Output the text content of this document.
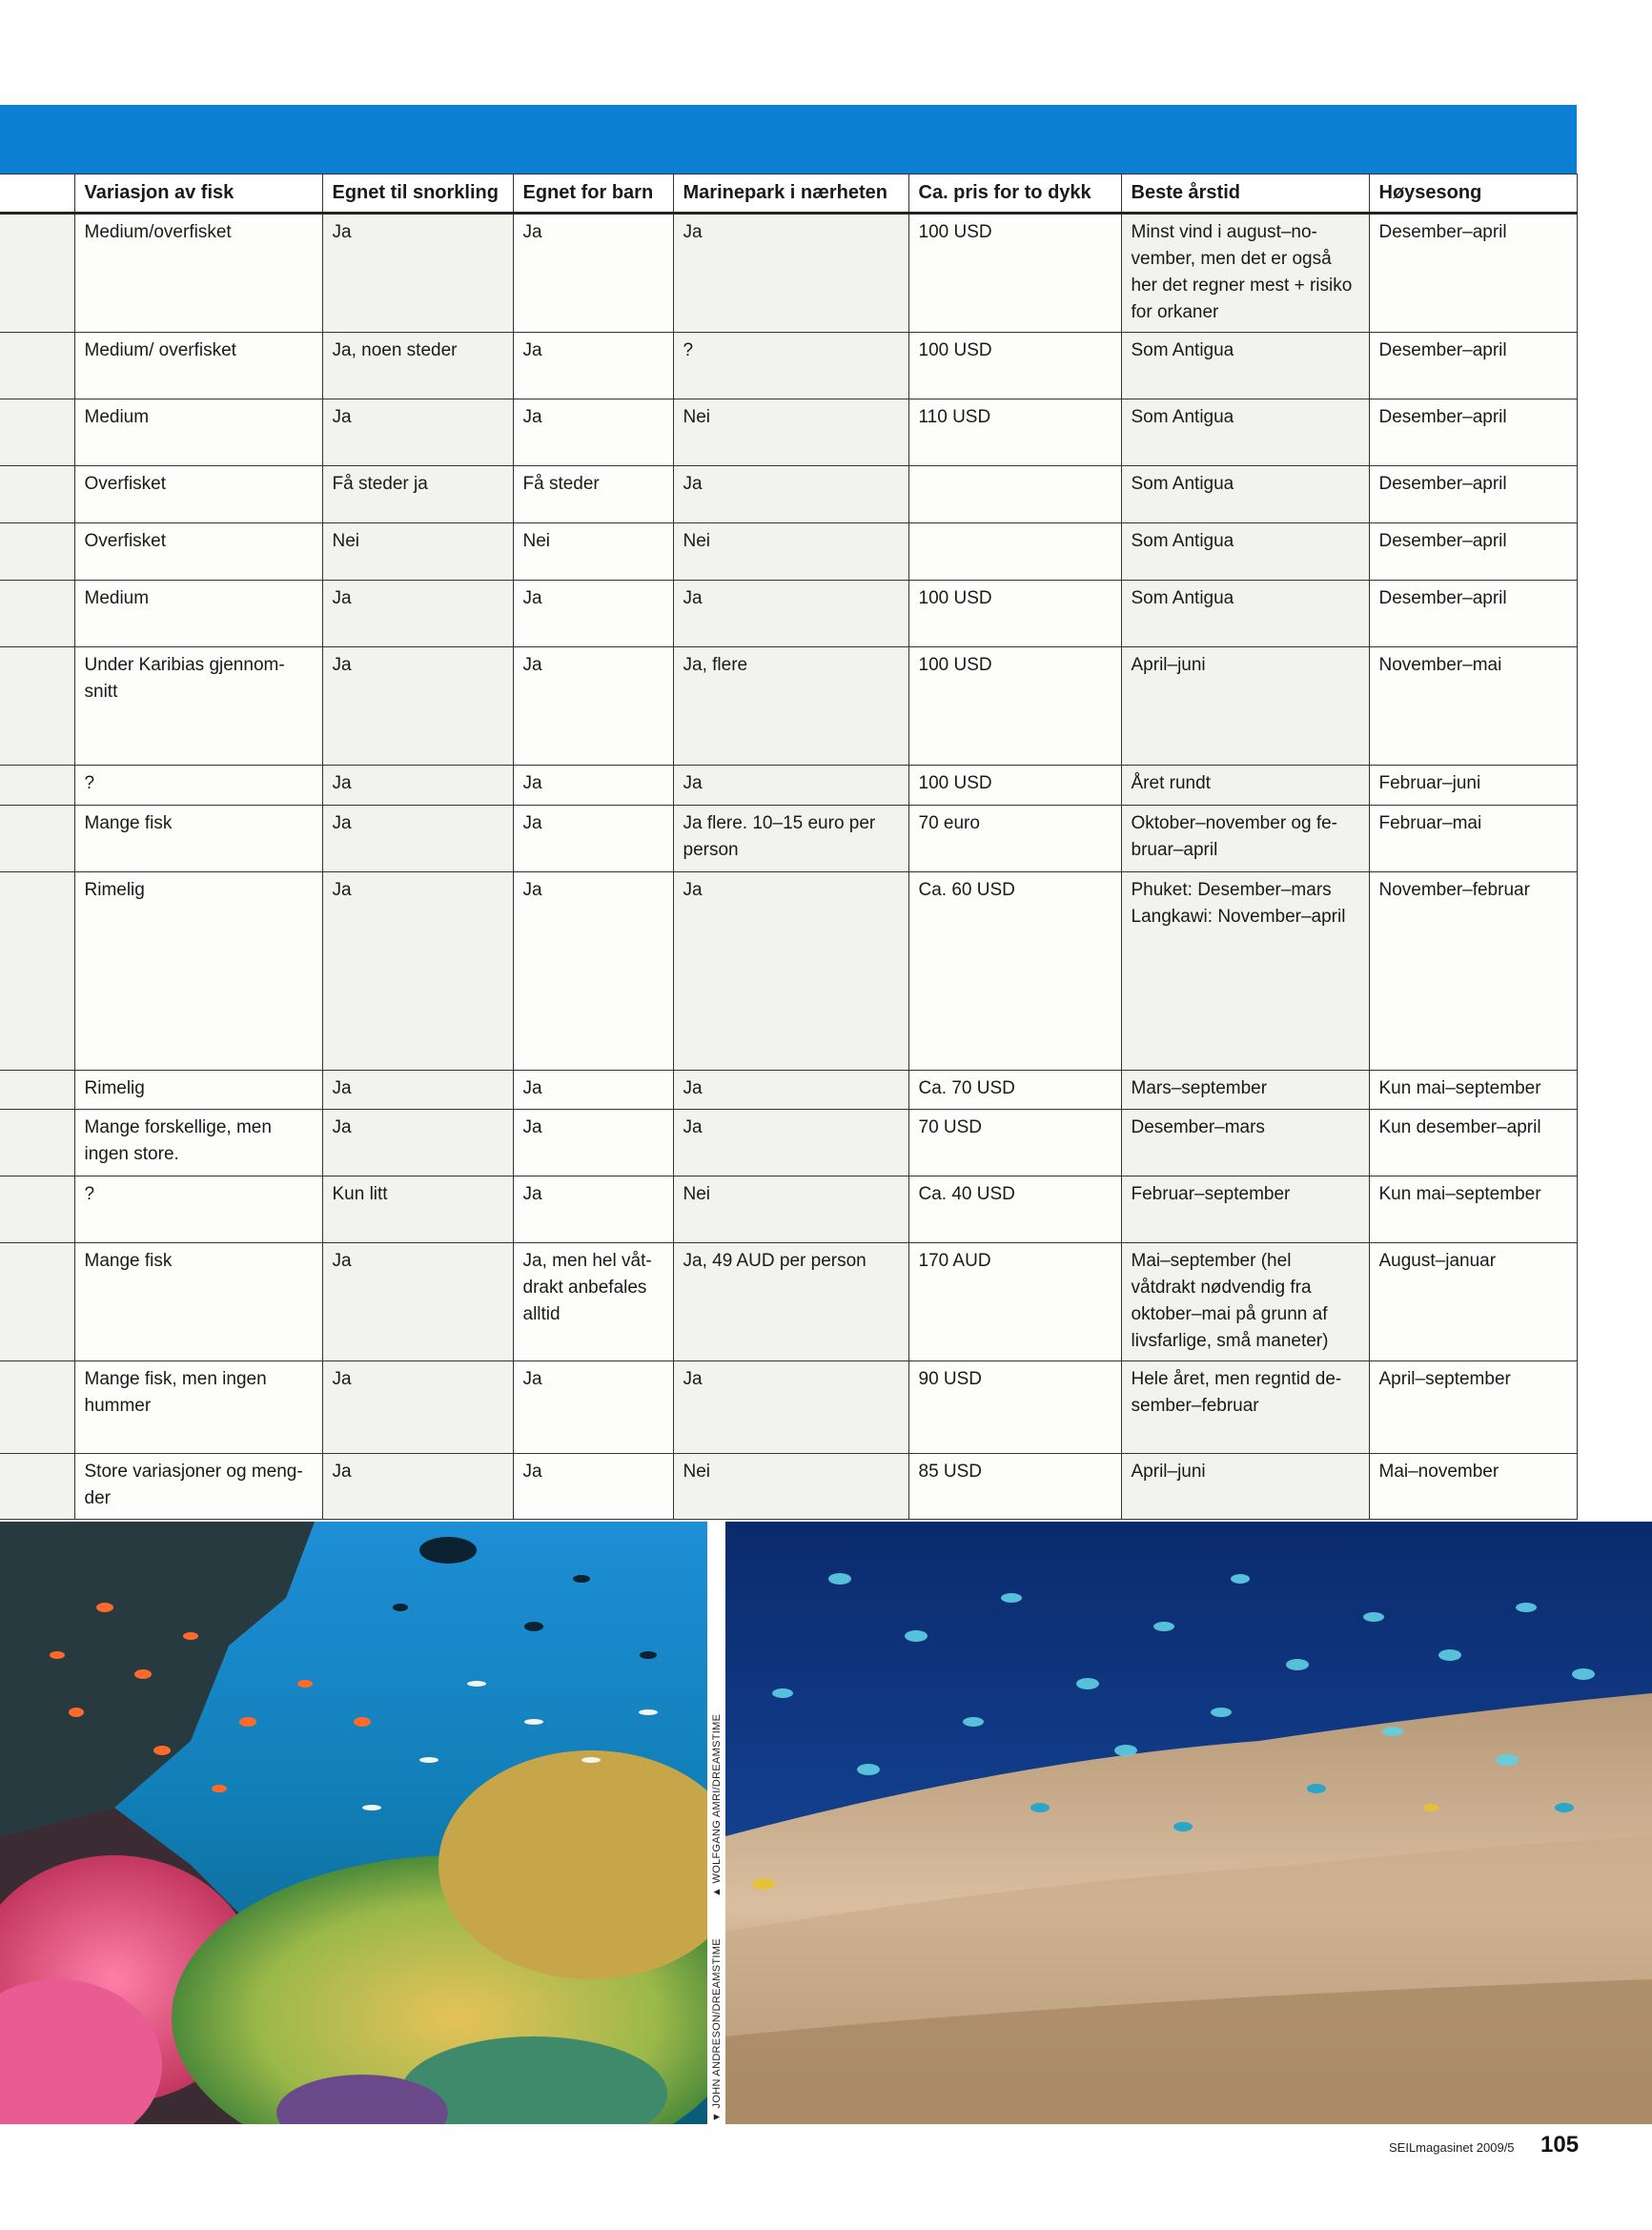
	Variasjon av fisk	Egnet til snorkling	Egnet for barn	Marinepark i nærheten	Ca. pris for to dykk	Beste årstid	Høysesong
	Medium/overfisket	Ja	Ja	Ja	100 USD	Minst vind i august–no-vember, men det er også her det regner mest + risiko for orkaner	Desember–april
	Medium/ overfisket	Ja, noen steder	Ja	?	100 USD	Som Antigua	Desember–april
	Medium	Ja	Ja	Nei	110 USD	Som Antigua	Desember–april
	Overfisket	Få steder ja	Få steder	Ja		Som Antigua	Desember–april
	Overfisket	Nei	Nei	Nei		Som Antigua	Desember–april
	Medium	Ja	Ja	Ja	100 USD	Som Antigua	Desember–april
	Under Karibias gjennom-snitt	Ja	Ja	Ja, flere	100 USD	April–juni	November–mai
	?	Ja	Ja	Ja	100 USD	Året rundt	Februar–juni
	Mange fisk	Ja	Ja	Ja flere. 10–15 euro per person	70 euro	Oktober–november og fe-bruar–april	Februar–mai
	Rimelig	Ja	Ja	Ja	Ca. 60 USD	Phuket: Desember–mars Langkawi: November–april	November–februar
	Rimelig	Ja	Ja	Ja	Ca. 70 USD	Mars–september	Kun mai–september
	Mange forskellige, men ingen store.	Ja	Ja	Ja	70 USD	Desember–mars	Kun desember–april
	?	Kun litt	Ja	Nei	Ca. 40 USD	Februar–september	Kun mai–september
	Mange fisk	Ja	Ja, men hel våt-drakt anbefales alltid	Ja, 49 AUD per person	170 AUD	Mai–september (hel våtdrakt nødvendig fra oktober–mai på grunn af livsfarlige, små maneter)	August–januar
	Mange fisk, men ingen hummer	Ja	Ja	Ja	90 USD	Hele året, men regntid de-sember–februar	April–september
	Store variasjoner og meng-der	Ja	Ja	Nei	85 USD	April–juni	Mai–november
▼ JOHN ANDRESON/DREAMSTIME
▲ WOLFGANG AMRI/DREAMSTIME
SEILmagasinet 2009/5 105
